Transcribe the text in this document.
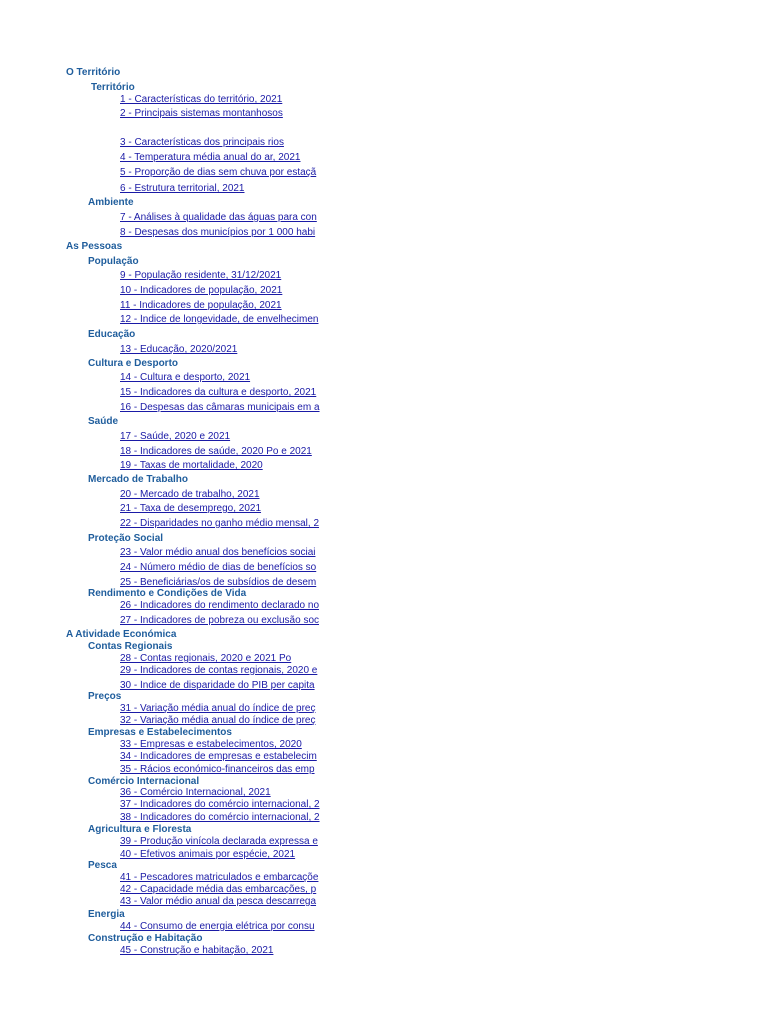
O Território
Território
1 - Características do território, 2021
2 - Principais sistemas montanhosos
3 - Características dos principais rios
4 - Temperatura média anual do ar, 2021
5 - Proporção de dias sem chuva por estaçã
6 - Estrutura territorial, 2021
Ambiente
7 - Análises à qualidade das águas para con
8 - Despesas dos municípios por 1 000 habi
As Pessoas
População
9 - População residente, 31/12/2021
10 - Indicadores de população, 2021
11 - Indicadores de população, 2021
12 - Índice de longevidade, de envelhecimen
Educação
13 - Educação, 2020/2021
Cultura e Desporto
14 - Cultura e desporto, 2021
15 - Indicadores da cultura e desporto, 2021
16 - Despesas das câmaras municipais em a
Saúde
17 - Saúde, 2020 e 2021
18 - Indicadores de saúde, 2020 Po e 2021
19 - Taxas de mortalidade, 2020
Mercado de Trabalho
20 - Mercado de trabalho, 2021
21 - Taxa de desemprego, 2021
22 - Disparidades no ganho médio mensal, 2
Proteção Social
23 - Valor médio anual dos benefícios sociai
24 - Número médio de dias de benefícios so
25 - Beneficiárias/os de subsídios de desem
Rendimento e Condições de Vida
26 - Indicadores do rendimento declarado no
27 - Indicadores de pobreza ou exclusão soc
A Atividade Económica
Contas Regionais
28 - Contas regionais, 2020 e 2021 Po
29 - Indicadores de contas regionais, 2020 e
30 - Índice de disparidade do PIB per capita
Preços
31 - Variação média anual do índice de preç
32 - Variação média anual do índice de preç
Empresas e Estabelecimentos
33 - Empresas e estabelecimentos, 2020
34 - Indicadores de empresas e estabelecim
35 - Rácios económico-financeiros das emp
Comércio Internacional
36 - Comércio Internacional, 2021
37 - Indicadores do comércio internacional, 2
38 - Indicadores do comércio internacional, 2
Agricultura e Floresta
39 - Produção vinícola declarada expressa e
40 - Efetivos animais por espécie, 2021
Pesca
41 - Pescadores matriculados e embarcaçõe
42 - Capacidade média das embarcações, p
43 - Valor médio anual da pesca descarrega
Energia
44 - Consumo de energia elétrica por consu
Construção e Habitação
45 - Construção e habitação, 2021
